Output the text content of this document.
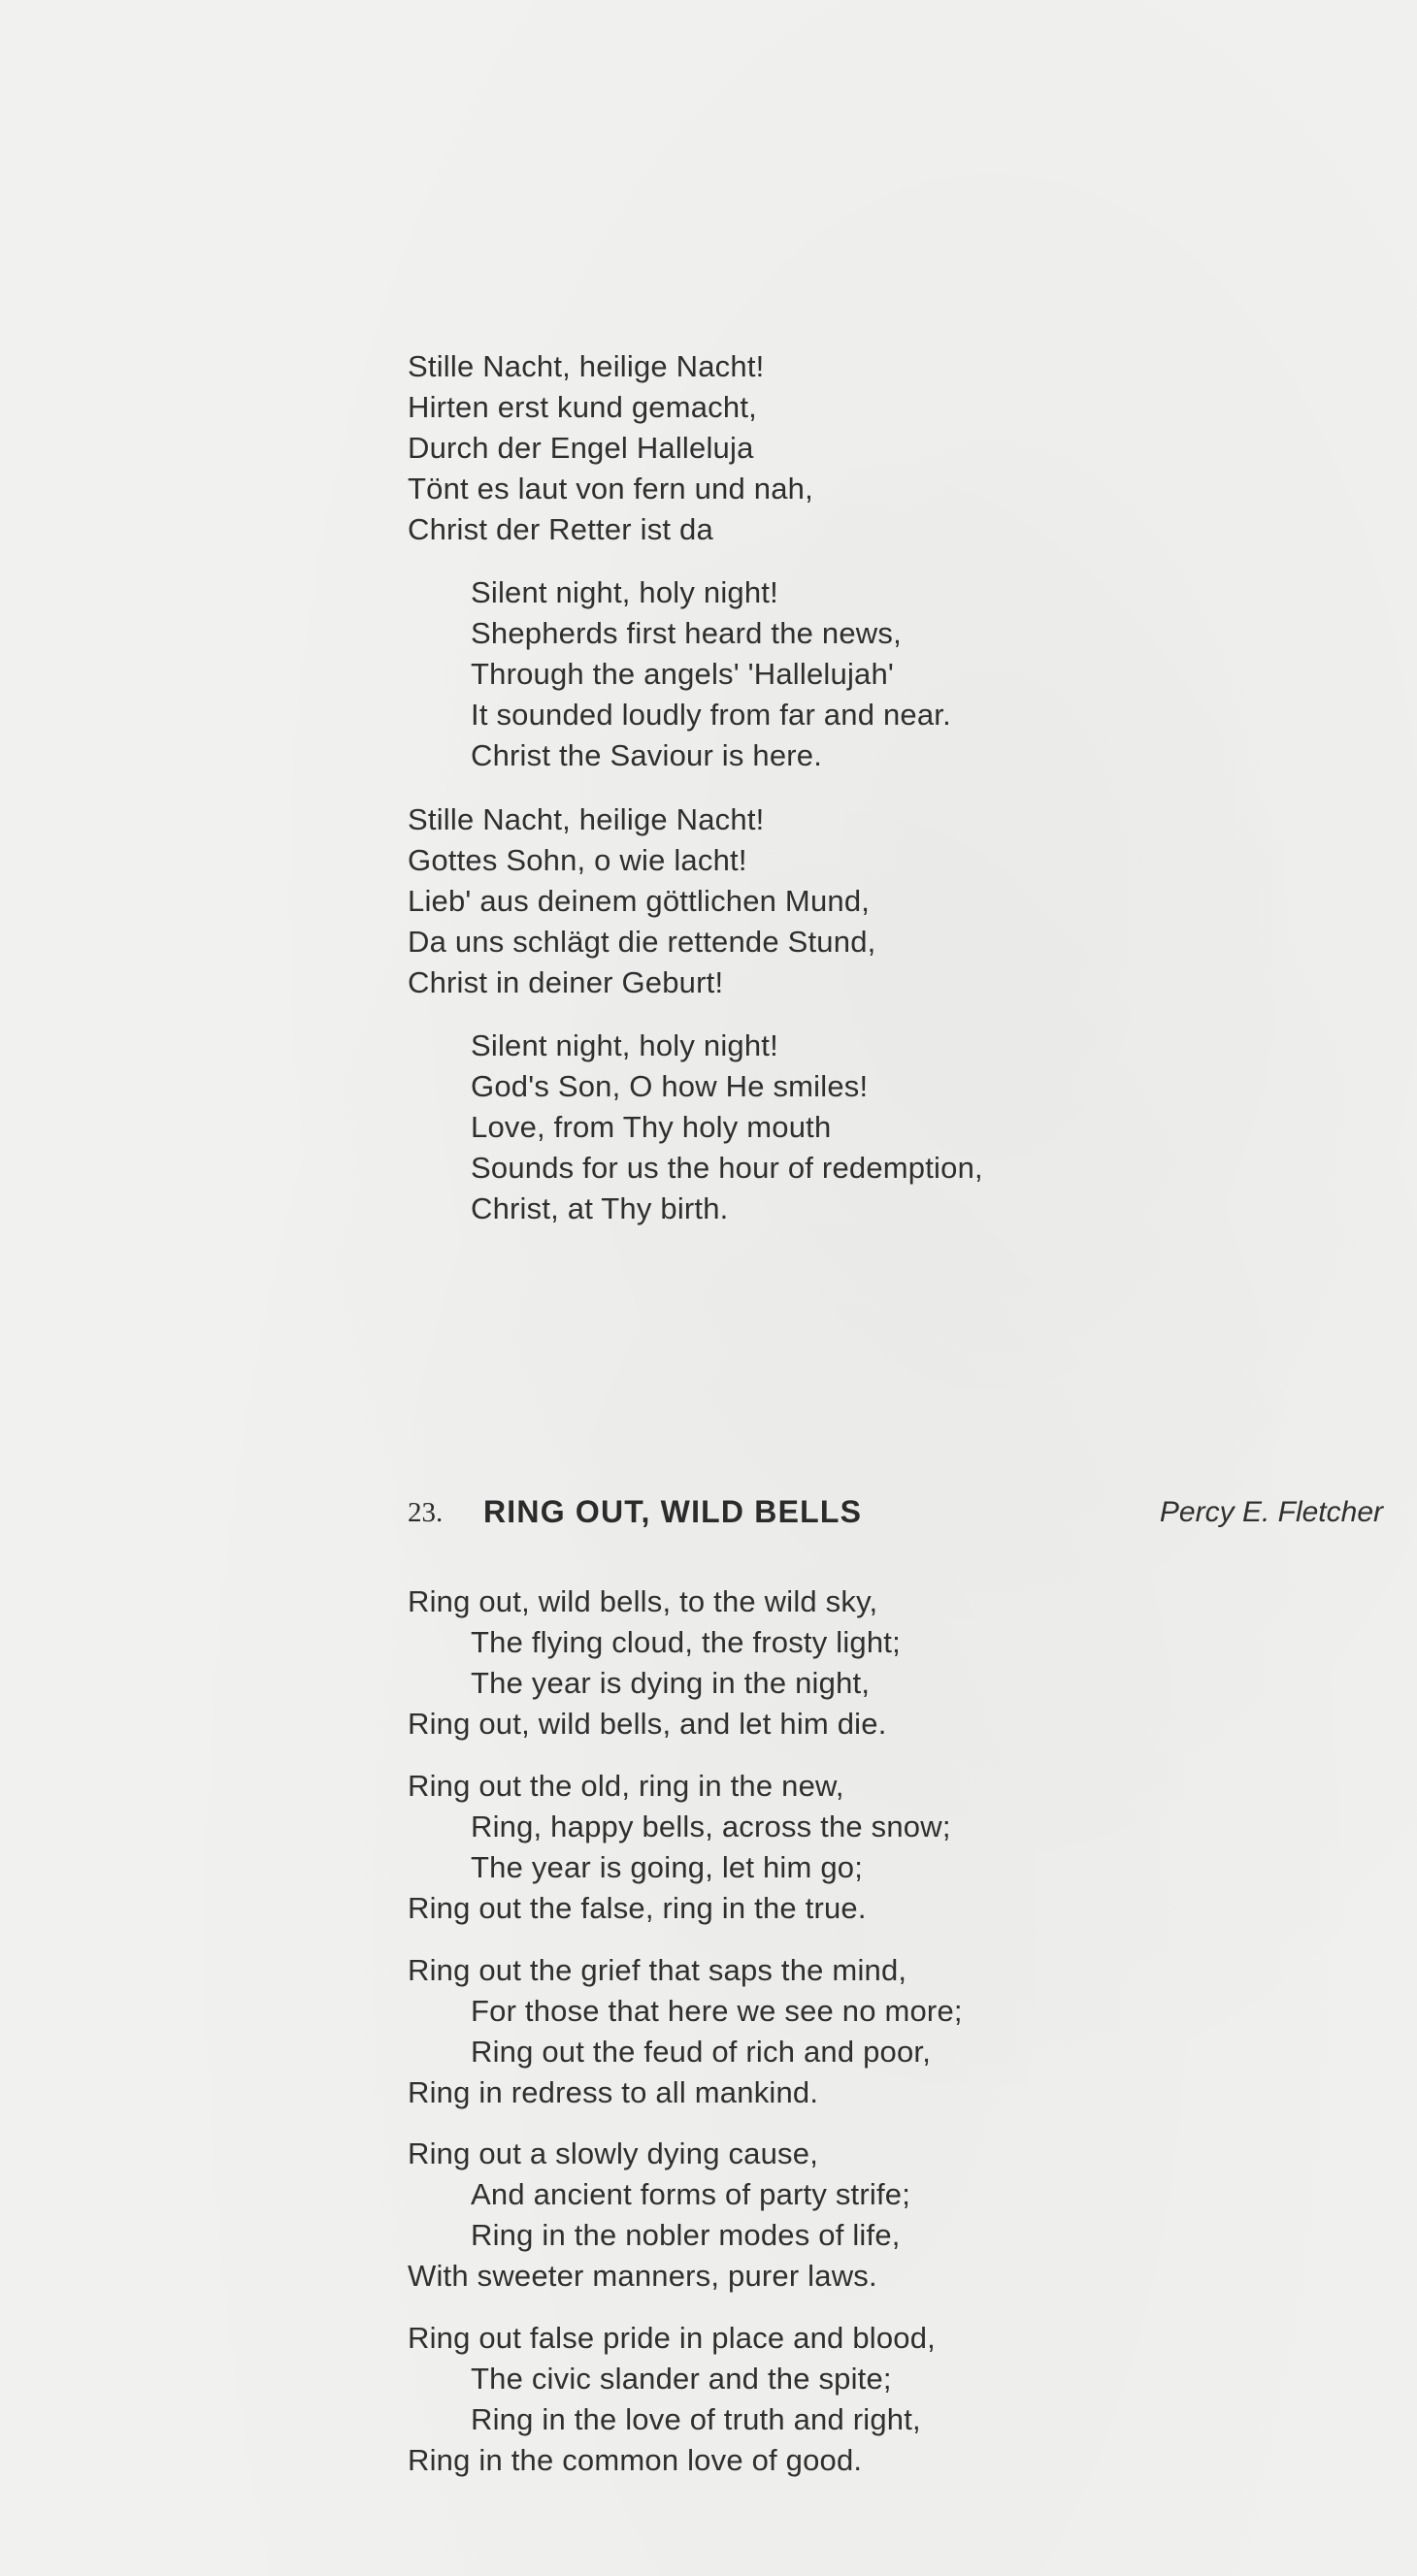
Stille Nacht, heilige Nacht!
Hirten erst kund gemacht,
Durch der Engel Halleluja
Tönt es laut von fern und nah,
Christ der Retter ist da
Silent night, holy night!
Shepherds first heard the news,
Through the angels' 'Hallelujah'
It sounded loudly from far and near.
Christ the Saviour is here.
Stille Nacht, heilige Nacht!
Gottes Sohn, o wie lacht!
Lieb' aus deinem göttlichen Mund,
Da uns schlägt die rettende Stund,
Christ in deiner Geburt!
Silent night, holy night!
God's Son, O how He smiles!
Love, from Thy holy mouth
Sounds for us the hour of redemption,
Christ, at Thy birth.
23. RING OUT, WILD BELLS	Percy E. Fletcher
Ring out, wild bells, to the wild sky,
The flying cloud, the frosty light;
The year is dying in the night,
Ring out, wild bells, and let him die.
Ring out the old, ring in the new,
Ring, happy bells, across the snow;
The year is going, let him go;
Ring out the false, ring in the true.
Ring out the grief that saps the mind,
For those that here we see no more;
Ring out the feud of rich and poor,
Ring in redress to all mankind.
Ring out a slowly dying cause,
And ancient forms of party strife;
Ring in the nobler modes of life,
With sweeter manners, purer laws.
Ring out false pride in place and blood,
The civic slander and the spite;
Ring in the love of truth and right,
Ring in the common love of good.
